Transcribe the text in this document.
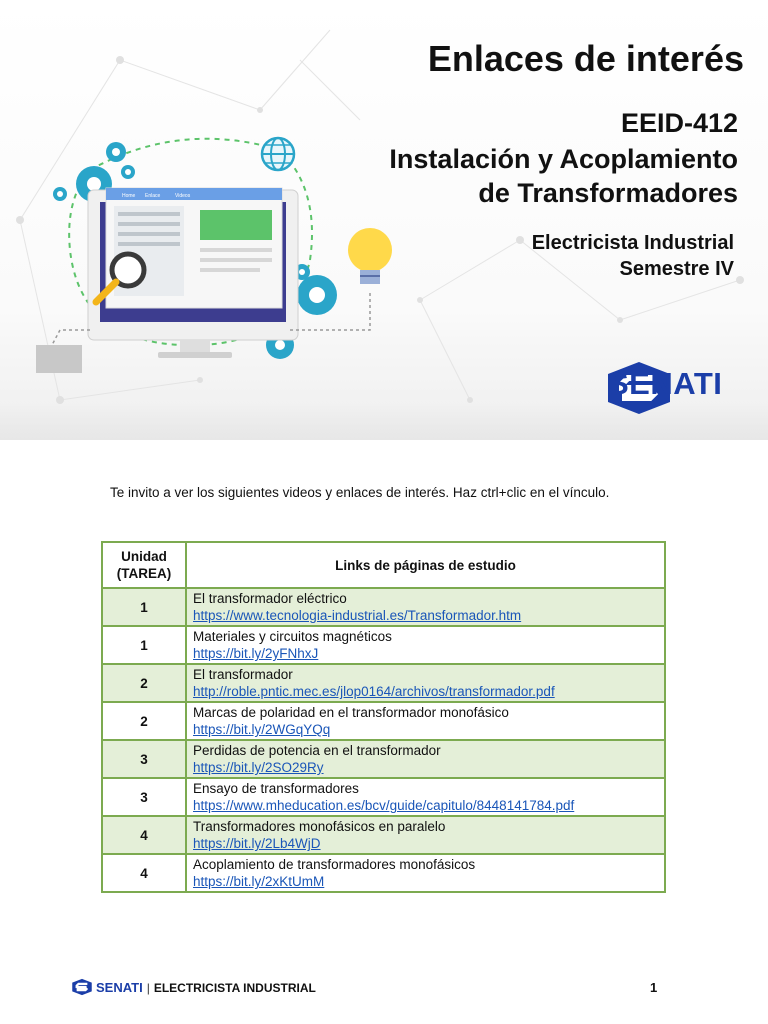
Home Enlace	Videos
Enlaces de interés
EEID-412
Instalación y Acoplamiento
de Transformadores
Electricista Industrial
Semestre IV
SENATI

Te invito a ver los siguientes videos y enlaces de interés. Haz ctrl+clic en el vínculo.

Unidad
(TAREA)	Links de páginas de estudio
1	El transformador eléctrico
https://www.tecnologia-industrial.es/Transformador.htm

1	Materiales y circuitos magnéticos
https://bit.ly/2yFNhxJ

2	El transformador
http://roble.pntic.mec.es/jlop0164/archivos/transformador.pdf

2	Marcas de polaridad en el transformador monofásico
https://bit.ly/2WGqYQq

3	Perdidas de potencia en el transformador
https://bit.ly/2SO29Ry

3	Ensayo de transformadores
https://www.mheducation.es/bcv/guide/capitulo/8448141784.pdf

4	Transformadores monofásicos en paralelo
https://bit.ly/2Lb4WjD

4	Acoplamiento de transformadores monofásicos
https://bit.ly/2xKtUmM
SENATI | ELECTRICISTA INDUSTRIAL	1
